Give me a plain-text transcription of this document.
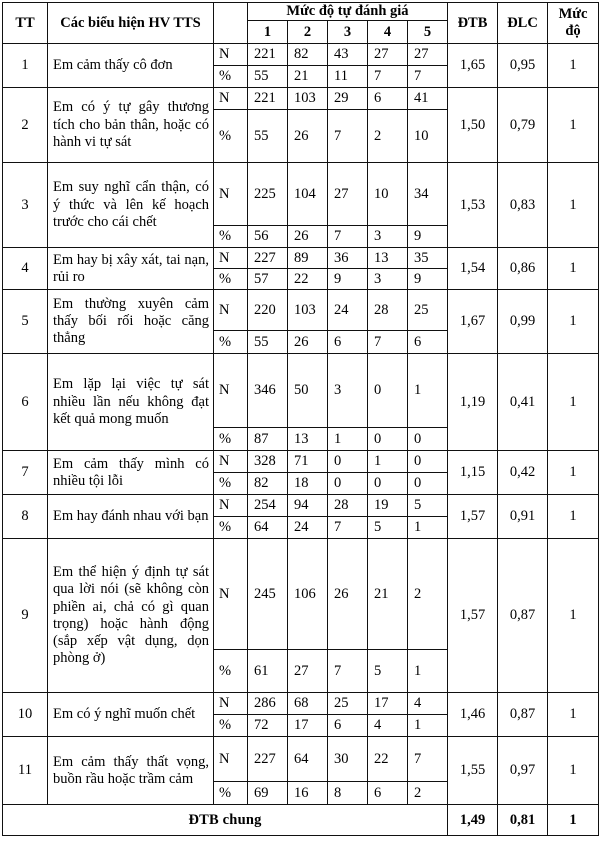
TT	Các biểu hiện HV TTS		Mức độ tự đánh giá					ĐTB	ĐLC	Mức độ
			1	2	3	4	5			
1	Em cảm thấy cô đơn	N	221	82	43	27	27	1,65	0,95	1
		%	55	21	11	7	7			
2	Em có ý tự gây thương tích cho bản thân, hoặc có hành vi tự sát	N	221	103	29	6	41	1,50	0,79	1
		%	55	26	7	2	10			
3	Em suy nghĩ cẩn thận, có ý thức và lên kế hoạch trước cho cái chết	N	225	104	27	10	34	1,53	0,83	1
		%	56	26	7	3	9			
4	Em hay bị xây xát, tai nạn, rủi ro	N	227	89	36	13	35	1,54	0,86	1
		%	57	22	9	3	9			
5	Em thường xuyên cảm thấy bối rối hoặc căng thẳng	N	220	103	24	28	25	1,67	0,99	1
		%	55	26	6	7	6			
6	Em lặp lại việc tự sát nhiều lần nếu không đạt kết quả mong muốn	N	346	50	3	0	1	1,19	0,41	1
		%	87	13	1	0	0			
7	Em cảm thấy mình có nhiều tội lỗi	N	328	71	0	1	0	1,15	0,42	1
		%	82	18	0	0	0			
8	Em hay đánh nhau với bạn	N	254	94	28	19	5	1,57	0,91	1
		%	64	24	7	5	1			
9	Em thể hiện ý định tự sát qua lời nói (sẽ không còn phiền ai, chả có gì quan trọng) hoặc hành động (sắp xếp vật dụng, dọn phòng ở)	N	245	106	26	21	2	1,57	0,87	1
		%	61	27	7	5	1			
10	Em có ý nghĩ muốn chết	N	286	68	25	17	4	1,46	0,87	1
		%	72	17	6	4	1			
11	Em cảm thấy thất vọng, buồn rầu hoặc trầm cảm	N	227	64	30	22	7	1,55	0,97	1
		%	69	16	8	6	2			
ĐTB chung								1,49	0,81	1
